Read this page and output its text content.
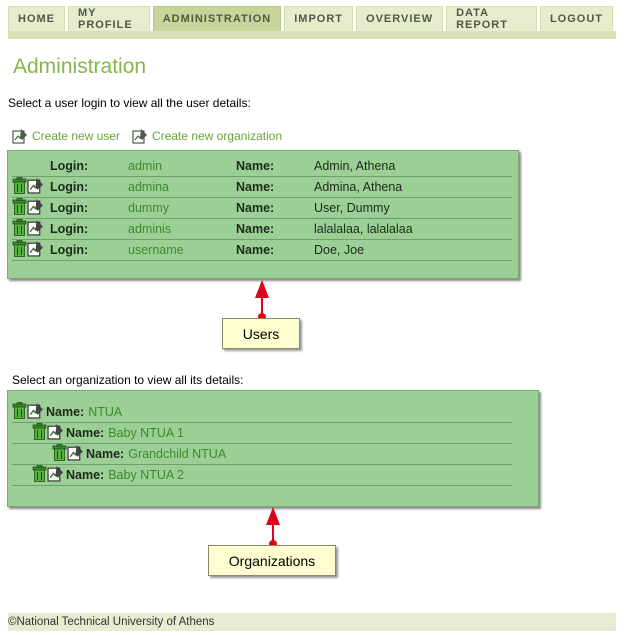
HOME	MY PROFILE	ADMINISTRATION	IMPORT	OVERVIEW	DATA REPORT	LOGOUT
Administration
Select a user login to view all the user details:
Create new user	Create new organization
Login:	admin	Name:	Admin, Athena
Login:	admina	Name:	Admina, Athena
Login:	dummy	Name:	User, Dummy
Login:	adminis	Name:	lalalalaa, lalalalaa
Login:	username	Name:	Doe, Joe
Users
Select an organization to view all its details:
Name: NTUA
Name: Baby NTUA 1
Name: Grandchild NTUA
Name: Baby NTUA 2
Organizations
©National Technical University of Athens
